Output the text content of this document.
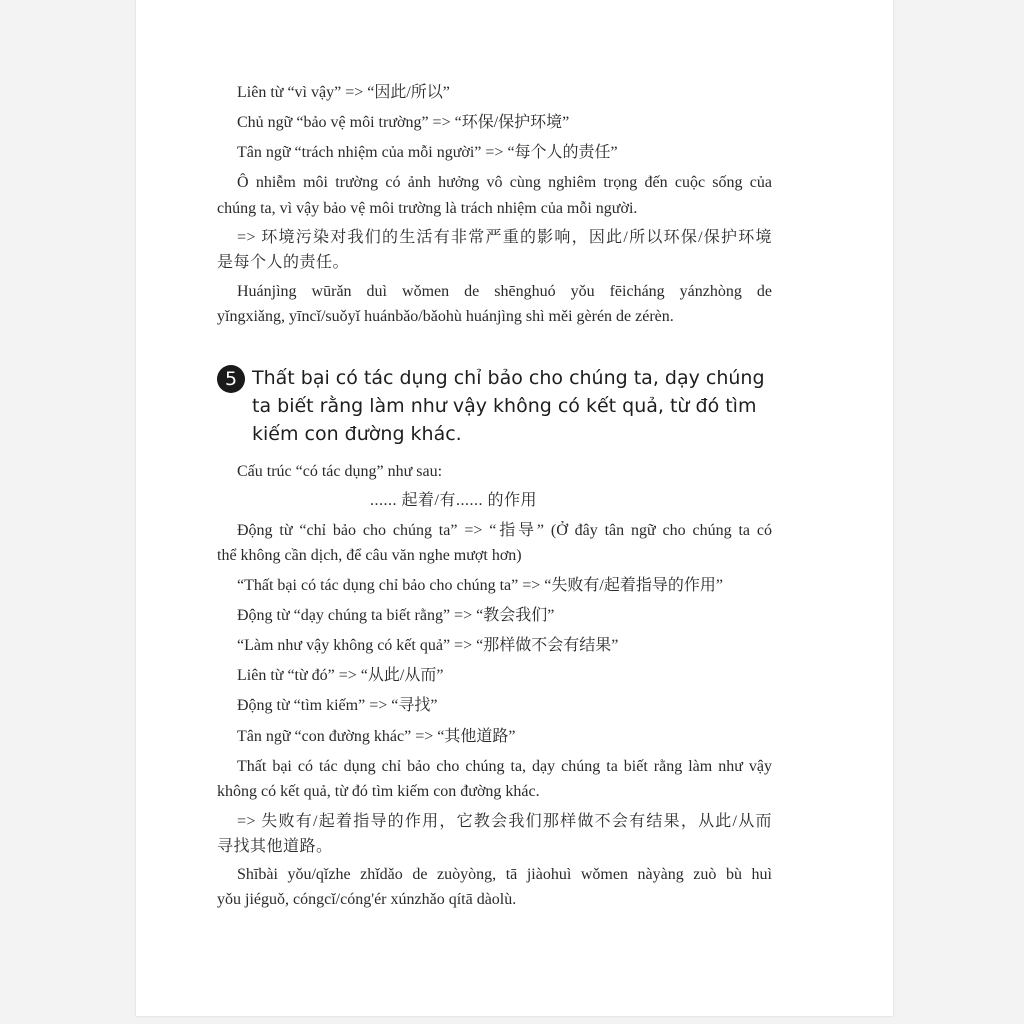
Liên từ “vì vậy” => “因此/所以”
Chủ ngữ “bảo vệ môi trường” => “环保/保护环境”
Tân ngữ “trách nhiệm của mỗi người” => “每个人的责任”
Ô nhiễm môi trường có ảnh hưởng vô cùng nghiêm trọng đến cuộc sống của
chúng ta, vì vậy bảo vệ môi trường là trách nhiệm của mỗi người.
=> 环境污染对我们的生活有非常严重的影响，因此/所以环保/保护环境
是每个人的责任。
Huánjìng wūrǎn duì wǒmen de shēnghuó yǒu fēicháng yánzhòng de
yǐngxiǎng, yīncǐ/suǒyǐ huánbǎo/bǎohù huánjìng shì měi gèrén de zérèn.
5 Thất bại có tác dụng chỉ bảo cho chúng ta, dạy chúng
ta biết rằng làm như vậy không có kết quả, từ đó tìm
kiếm con đường khác.
Cấu trúc “có tác dụng” như sau:
...... 起着/有...... 的作用
Động từ “chỉ bảo cho chúng ta” => “指导” (Ở đây tân ngữ cho chúng ta có
thể không cần dịch, để câu văn nghe mượt hơn)
“Thất bại có tác dụng chỉ bảo cho chúng ta” => “失败有/起着指导的作用”
Động từ “dạy chúng ta biết rằng” => “教会我们”
“Làm như vậy không có kết quả” => “那样做不会有结果”
Liên từ “từ đó” => “从此/从而”
Động từ “tìm kiếm” => “寻找”
Tân ngữ “con đường khác” => “其他道路”
Thất bại có tác dụng chỉ bảo cho chúng ta, dạy chúng ta biết rằng làm như vậy
không có kết quả, từ đó tìm kiếm con đường khác.
=> 失败有/起着指导的作用，它教会我们那样做不会有结果，从此/从而
寻找其他道路。
Shībài yǒu/qǐzhe zhǐdǎo de zuòyòng, tā jiàohuì wǒmen nàyàng zuò bù huì
yǒu jiéguǒ, cóngcǐ/cóng'ér xúnzhǎo qítā dàolù.
